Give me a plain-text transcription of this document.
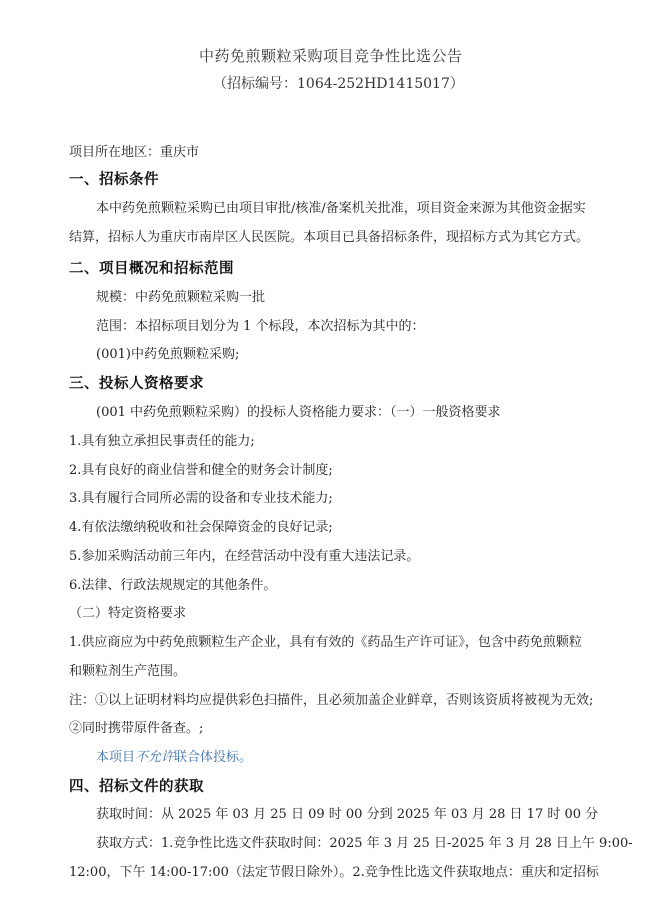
中药免煎颗粒采购项目竞争性比选公告
（招标编号：1064-252HD1415017）
项目所在地区：重庆市
一、招标条件
本中药免煎颗粒采购已由项目审批/核准/备案机关批准，项目资金来源为其他资金据实
结算，招标人为重庆市南岸区人民医院。本项目已具备招标条件，现招标方式为其它方式。
二、项目概况和招标范围
规模：中药免煎颗粒采购一批
范围：本招标项目划分为 1 个标段，本次招标为其中的：
(001)中药免煎颗粒采购;
三、投标人资格要求
(001 中药免煎颗粒采购）的投标人资格能力要求：（一）一般资格要求
1.具有独立承担民事责任的能力;
2.具有良好的商业信誉和健全的财务会计制度;
3.具有履行合同所必需的设备和专业技术能力;
4.有依法缴纳税收和社会保障资金的良好记录;
5.参加采购活动前三年内，在经营活动中没有重大违法记录。
6.法律、行政法规规定的其他条件。
（二）特定资格要求
1.供应商应为中药免煎颗粒生产企业，具有有效的《药品生产许可证》，包含中药免煎颗粒
和颗粒剂生产范围。
注：①以上证明材料均应提供彩色扫描件，且必须加盖企业鲜章，否则该资质将被视为无效;
②同时携带原件备查。;
本项目不允许联合体投标。
四、招标文件的获取
获取时间：从 2025 年 03 月 25 日 09 时 00 分到 2025 年 03 月 28 日 17 时 00 分
获取方式：1.竞争性比选文件获取时间：2025 年 3 月 25 日-2025 年 3 月 28 日上午 9:00-
12:00，下午 14:00-17:00（法定节假日除外）。2.竞争性比选文件获取地点：重庆和定招标
